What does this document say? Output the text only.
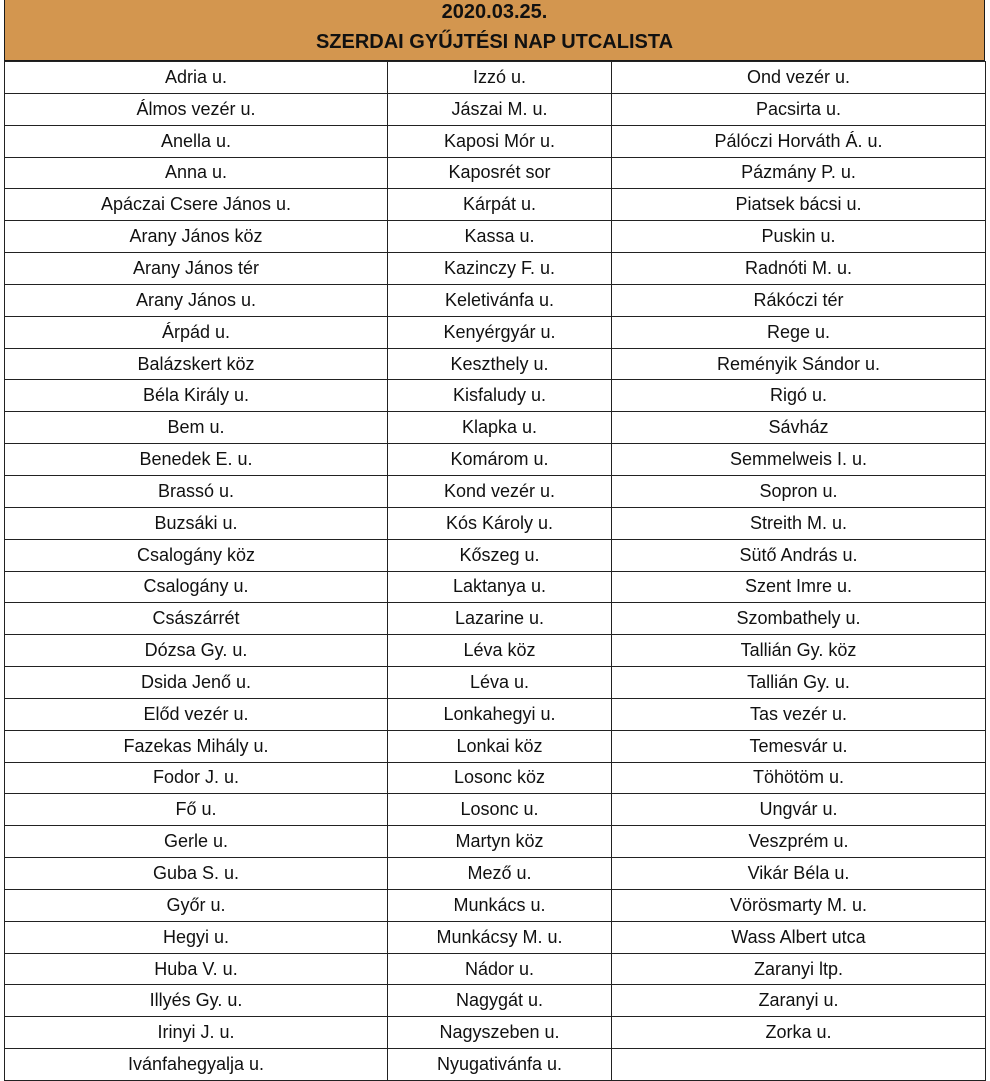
2020.03.25.
SZERDAI GYŰJTÉSI NAP UTCALISTA
Adria u.	Izzó u.	Ond vezér u.
Álmos vezér u.	Jászai M. u.	Pacsirta u.
Anella u.	Kaposi Mór u.	Pálóczi Horváth Á. u.
Anna u.	Kaposrét sor	Pázmány P. u.
Apáczai Csere János u.	Kárpát u.	Piatsek bácsi u.
Arany János köz	Kassa u.	Puskin u.
Arany János tér	Kazinczy F. u.	Radnóti M. u.
Arany János u.	Keletivánfa u.	Rákóczi tér
Árpád u.	Kenyérgyár u.	Rege u.
Balázskert köz	Keszthely u.	Reményik Sándor u.
Béla Király u.	Kisfaludy u.	Rigó u.
Bem u.	Klapka u.	Sávház
Benedek E. u.	Komárom u.	Semmelweis I. u.
Brassó u.	Kond vezér u.	Sopron u.
Buzsáki u.	Kós Károly u.	Streith M. u.
Csalogány köz	Kőszeg u.	Sütő András u.
Csalogány u.	Laktanya u.	Szent Imre u.
Császárrét	Lazarine u.	Szombathely u.
Dózsa Gy. u.	Léva köz	Tallián Gy. köz
Dsida Jenő u.	Léva u.	Tallián Gy. u.
Előd vezér u.	Lonkahegyi u.	Tas vezér u.
Fazekas Mihály u.	Lonkai köz	Temesvár u.
Fodor J. u.	Losonc köz	Töhötöm u.
Fő u.	Losonc u.	Ungvár u.
Gerle u.	Martyn köz	Veszprém u.
Guba S. u.	Mező u.	Vikár Béla u.
Győr u.	Munkács u.	Vörösmarty M. u.
Hegyi u.	Munkácsy M. u.	Wass Albert utca
Huba V. u.	Nádor u.	Zaranyi ltp.
Illyés Gy. u.	Nagygát u.	Zaranyi u.
Irinyi J. u.	Nagyszeben u.	Zorka u.
Ivánfahegyalja u.	Nyugativánfa u.	
